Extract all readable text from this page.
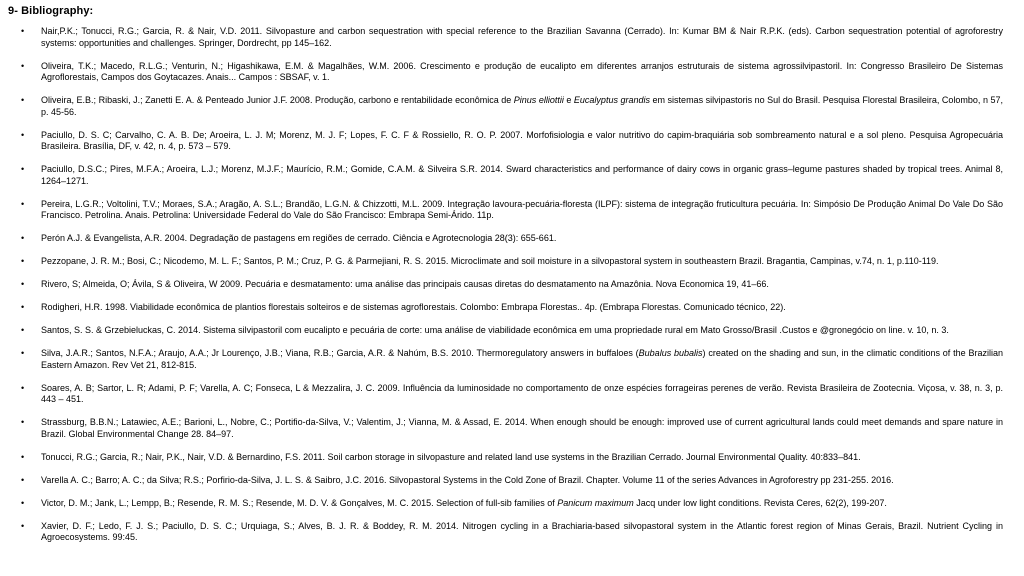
9- Bibliography:
• Nair,P.K.; Tonucci, R.G.; Garcia, R. & Nair, V.D. 2011. Silvopasture and carbon sequestration with special reference to the Brazilian Savanna (Cerrado). In: Kumar BM & Nair R.P.K. (eds). Carbon sequestration potential of agroforestry systems: opportunities and challenges. Springer, Dordrecht, pp 145–162.
• Oliveira, T.K.; Macedo, R.L.G.; Venturin, N.; Higashikawa, E.M. & Magalhães, W.M. 2006. Crescimento e produção de eucalipto em diferentes arranjos estruturais de sistema agrossilvipastoril. In: Congresso Brasileiro De Sistemas Agroflorestais, Campos dos Goytacazes. Anais... Campos : SBSAF, v. 1.
• Oliveira, E.B.; Ribaski, J.; Zanetti E. A. & Penteado Junior J.F. 2008. Produção, carbono e rentabilidade econômica de Pinus elliottii e Eucalyptus grandis em sistemas silvipastoris no Sul do Brasil. Pesquisa Florestal Brasileira, Colombo, n 57, p. 45-56.
• Paciullo, D. S. C; Carvalho, C. A. B. De; Aroeira, L. J. M; Morenz, M. J. F; Lopes, F. C. F & Rossiello, R. O. P. 2007. Morfofisiologia e valor nutritivo do capim-braquiária sob sombreamento natural e a sol pleno. Pesquisa Agropecuária Brasileira. Brasília, DF, v. 42, n. 4, p. 573 – 579.
• Paciullo, D.S.C.; Pires, M.F.A.; Aroeira, L.J.; Morenz, M.J.F.; Maurício, R.M.; Gomide, C.A.M. & Silveira S.R. 2014. Sward characteristics and performance of dairy cows in organic grass–legume pastures shaded by tropical trees. Animal 8, 1264–1271.
• Pereira, L.G.R.; Voltolini, T.V.; Moraes, S.A.; Aragão, A. S.L.; Brandão, L.G.N. & Chizzotti, M.L. 2009. Integração lavoura-pecuária-floresta (ILPF): sistema de integração fruticultura pecuária. In: Simpósio De Produção Animal Do Vale Do São Francisco. Petrolina. Anais. Petrolina: Universidade Federal do Vale do São Francisco: Embrapa Semi-Árido. 11p.
• Perón A.J. & Evangelista, A.R. 2004. Degradação de pastagens em regiões de cerrado. Ciência e Agrotecnologia 28(3): 655-661.
• Pezzopane, J. R. M.; Bosi, C.; Nicodemo, M. L. F.; Santos, P. M.; Cruz, P. G. & Parmejiani, R. S. 2015. Microclimate and soil moisture in a silvopastoral system in southeastern Brazil. Bragantia, Campinas, v.74, n. 1, p.110-119.
• Rivero, S; Almeida, O; Ávila, S & Oliveira, W 2009. Pecuária e desmatamento: uma análise das principais causas diretas do desmatamento na Amazônia. Nova Economica 19, 41–66.
• Rodigheri, H.R. 1998. Viabilidade econômica de plantios florestais solteiros e de sistemas agroflorestais. Colombo: Embrapa Florestas.. 4p. (Embrapa Florestas. Comunicado técnico, 22).
• Santos, S. S. & Grzebieluckas, C. 2014. Sistema silvipastoril com eucalipto e pecuária de corte: uma análise de viabilidade econômica em uma propriedade rural em Mato Grosso/Brasil .Custos e @gronegócio on line. v. 10, n. 3.
• Silva, J.A.R.; Santos, N.F.A.; Araujo, A.A.; Jr Lourenço, J.B.; Viana, R.B.; Garcia, A.R. & Nahúm, B.S. 2010. Thermoregulatory answers in buffaloes (Bubalus bubalis) created on the shading and sun, in the climatic conditions of the Brazilian Eastern Amazon. Rev Vet 21, 812-815.
• Soares, A. B; Sartor, L. R; Adami, P. F; Varella, A. C; Fonseca, L & Mezzalira, J. C. 2009. Influência da luminosidade no comportamento de onze espécies forrageiras perenes de verão. Revista Brasileira de Zootecnia. Viçosa, v. 38, n. 3, p. 443 – 451.
• Strassburg, B.B.N.; Latawiec, A.E.; Barioni, L., Nobre, C.; Portifio-da-Silva, V.; Valentim, J.; Vianna, M. & Assad, E. 2014. When enough should be enough: improved use of current agricultural lands could meet demands and spare nature in Brazil. Global Environmental Change 28. 84–97.
• Tonucci, R.G.; Garcia, R.; Nair, P.K., Nair, V.D. & Bernardino, F.S. 2011. Soil carbon storage in silvopasture and related land use systems in the Brazilian Cerrado. Journal Environmental Quality. 40:833–841.
• Varella A. C.; Barro; A. C.; da Silva; R.S.; Porfirio-da-Silva, J. L. S. & Saibro, J.C. 2016. Silvopastoral Systems in the Cold Zone of Brazil. Chapter. Volume 11 of the series Advances in Agroforestry pp 231-255. 2016.
• Victor, D. M.; Jank, L.; Lempp, B.; Resende, R. M. S.; Resende, M. D. V. & Gonçalves, M. C. 2015. Selection of full-sib families of Panicum maximum Jacq under low light conditions. Revista Ceres, 62(2), 199-207.
• Xavier, D. F.; Ledo, F. J. S.; Paciullo, D. S. C.; Urquiaga, S.; Alves, B. J. R. & Boddey, R. M. 2014. Nitrogen cycling in a Brachiaria-based silvopastoral system in the Atlantic forest region of Minas Gerais, Brazil. Nutrient Cycling in Agroecosystems. 99:45.
